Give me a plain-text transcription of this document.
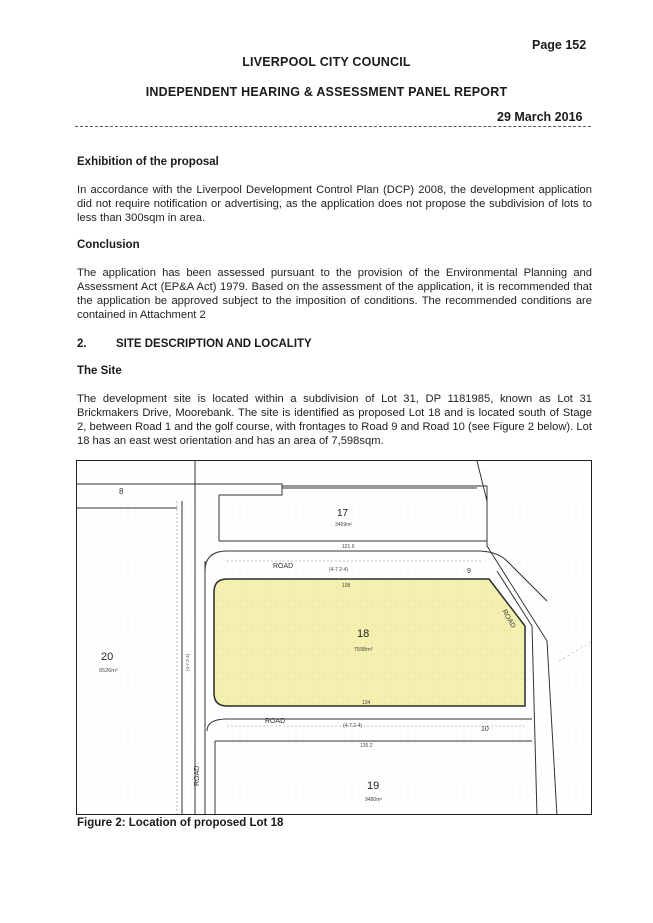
Page 152
LIVERPOOL CITY COUNCIL
INDEPENDENT HEARING & ASSESSMENT PANEL REPORT
29 March 2016
Exhibition of the proposal
In accordance with the Liverpool Development Control Plan (DCP) 2008, the development application did not require notification or advertising, as the application does not propose the subdivision of lots to less than 300sqm in area.
Conclusion
The application has been assessed pursuant to the provision of the Environmental Planning and Assessment Act (EP&A Act) 1979. Based on the assessment of the application, it is recommended that the application be approved subject to the imposition of conditions. The recommended conditions are contained in Attachment 2
2.	SITE DESCRIPTION AND LOCALITY
The Site
The development site is located within a subdivision of Lot 31, DP 1181985, known as Lot 31 Brickmakers Drive, Moorebank. The site is identified as proposed Lot 18 and is located south of Stage 2, between Road 1 and the golf course, with frontages to Road 9 and Road 10 (see Figure 2 below). Lot 18 has an east west orientation and has an area of 7,598sqm.
8
17
3469m²
18
7598m²
19
9480m²
20
6526m²
ROAD	(4-7.2-4)	9
ROAD
(4-7.2-4)	10
ROAD
ROAD
(4-7.2-4)
108
134
121.9
126.2
Figure 2: Location of proposed Lot 18
